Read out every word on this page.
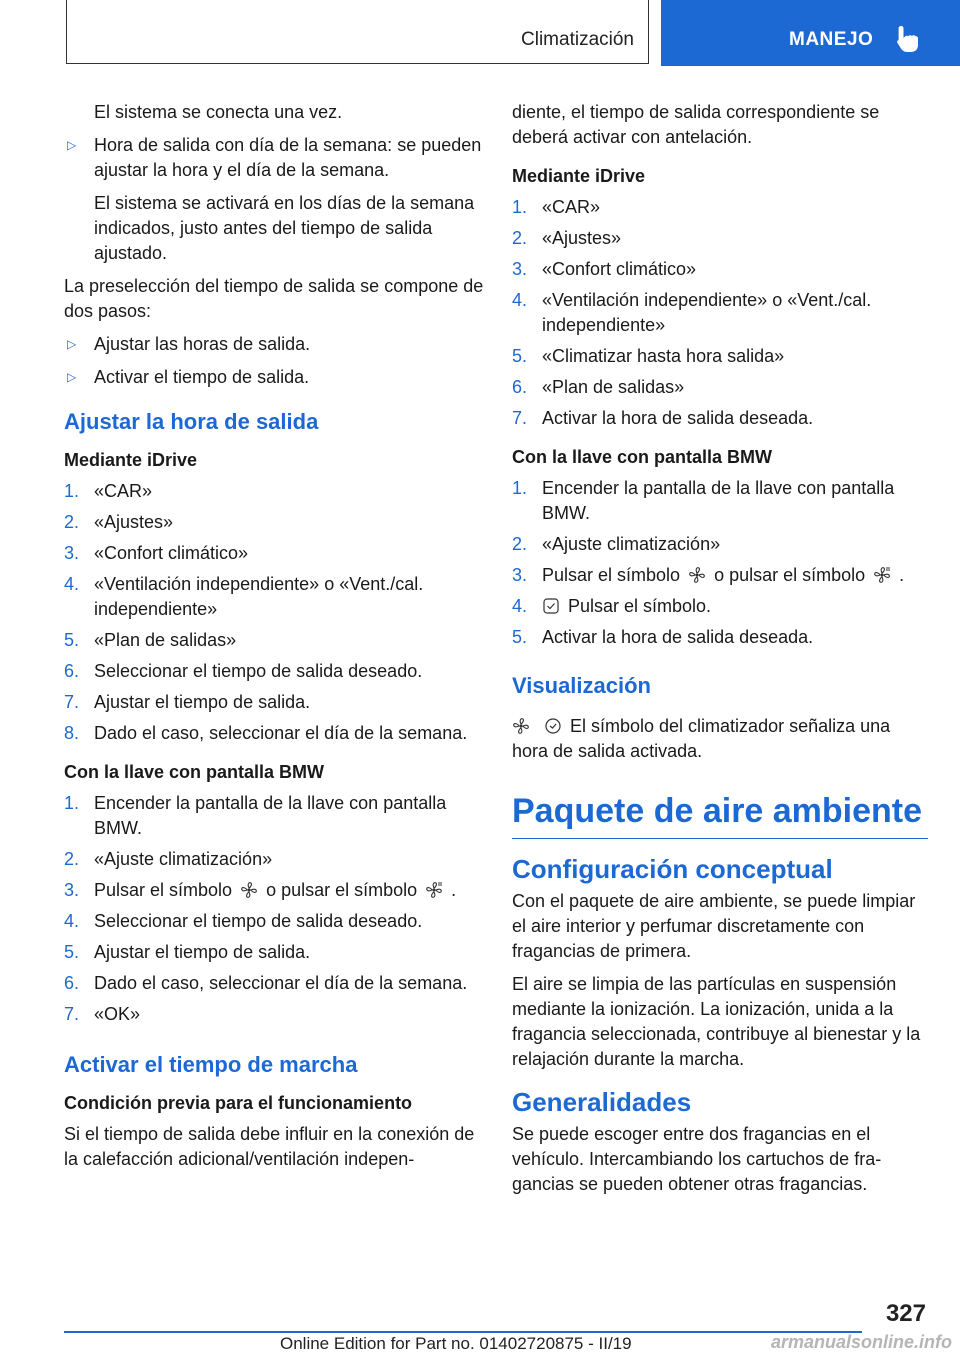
Climatización	MANEJO

El sistema se conecta una vez.

▷ Hora de salida con día de la semana: se pueden ajustar la hora y el día de la semana.

El sistema se activará en los días de la semana indicados, justo antes del tiempo de salida ajustado.

La preselección del tiempo de salida se compone de dos pasos:

▷ Ajustar las horas de salida.
▷ Activar el tiempo de salida.
Ajustar la hora de salida
Mediante iDrive
1. «CAR»
2. «Ajustes»
3. «Confort climático»
4. «Ventilación independiente» o «Vent./cal. independiente»
5. «Plan de salidas»
6. Seleccionar el tiempo de salida deseado.
7. Ajustar el tiempo de salida.
8. Dado el caso, seleccionar el día de la semana.
Con la llave con pantalla BMW
1. Encender la pantalla de la llave con pantalla BMW.
2. «Ajuste climatización»
3. Pulsar el símbolo o pulsar el símbolo .
4. Seleccionar el tiempo de salida deseado.
5. Ajustar el tiempo de salida.
6. Dado el caso, seleccionar el día de la semana.
7. «OK»
Activar el tiempo de marcha
Condición previa para el funcionamiento

Si el tiempo de salida debe influir en la conexión de la calefacción adicional/ventilación indepen-

diente, el tiempo de salida correspondiente se deberá activar con antelación.

Mediante iDrive
1. «CAR»
2. «Ajustes»
3. «Confort climático»
4. «Ventilación independiente» o «Vent./cal. independiente»
5. «Climatizar hasta hora salida»
6. «Plan de salidas»
7. Activar la hora de salida deseada.
Con la llave con pantalla BMW
1. Encender la pantalla de la llave con pantalla BMW.
2. «Ajuste climatización»
3. Pulsar el símbolo o pulsar el símbolo .
4. Pulsar el símbolo.
5. Activar la hora de salida deseada.
Visualización

El símbolo del climatizador señaliza una hora de salida activada.

Paquete de aire ambiente
Configuración conceptual

Con el paquete de aire ambiente, se puede limpiar el aire interior y perfumar discretamente con fragancias de primera.

El aire se limpia de las partículas en suspensión mediante la ionización. La ionización, unida a la fragancia seleccionada, contribuye al bienestar y la relajación durante la marcha.

Generalidades

Se puede escoger entre dos fragancias en el vehículo. Intercambiando los cartuchos de fragancias se pueden obtener otras fragancias.

327
Online Edition for Part no. 01402720875 - II/19	armanualsonline.info
